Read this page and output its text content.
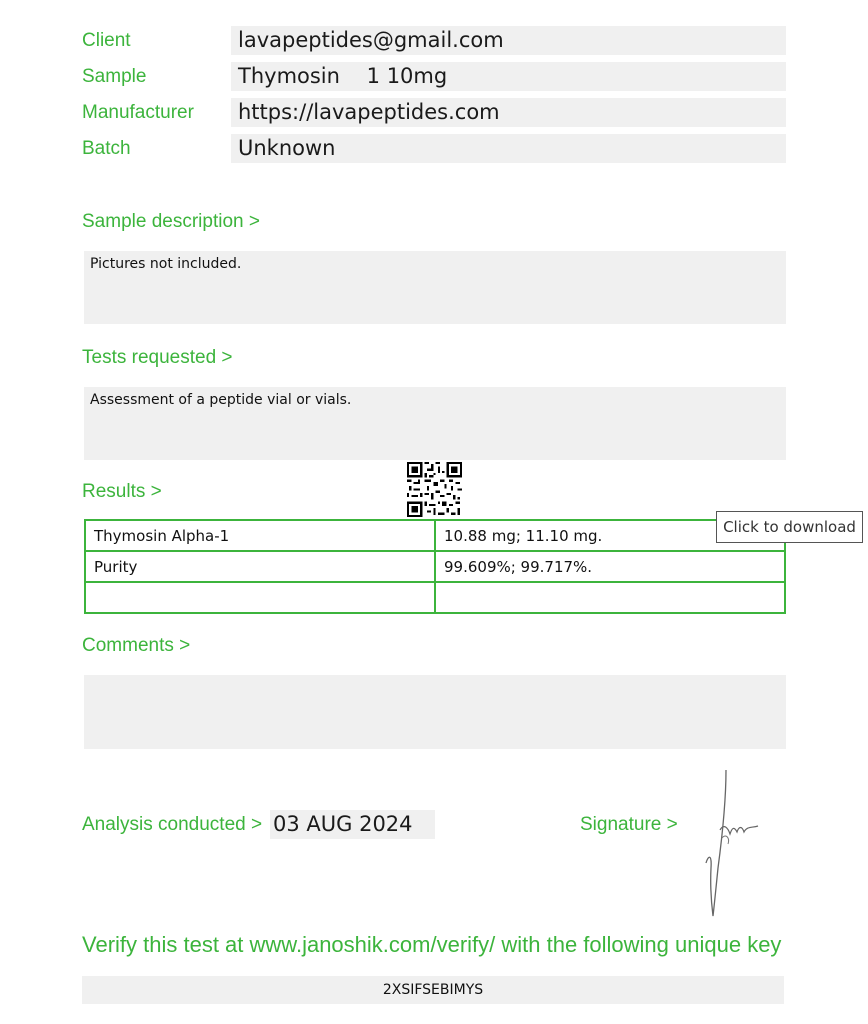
Client	lavapeptides@gmail.com
Sample	Thymosin    1 10mg
Manufacturer	https://lavapeptides.com
Batch	Unknown
Sample description >
Pictures not included.
Tests requested >
Assessment of a peptide vial or vials.
Results >
Thymosin Alpha-1	10.88 mg; 11.10 mg.
Purity	99.609%; 99.717%.

Click to download
Comments >
Analysis conducted > 03 AUG 2024	Signature >
Verify this test at www.janoshik.com/verify/ with the following unique key
2XSIFSEBIMYS
